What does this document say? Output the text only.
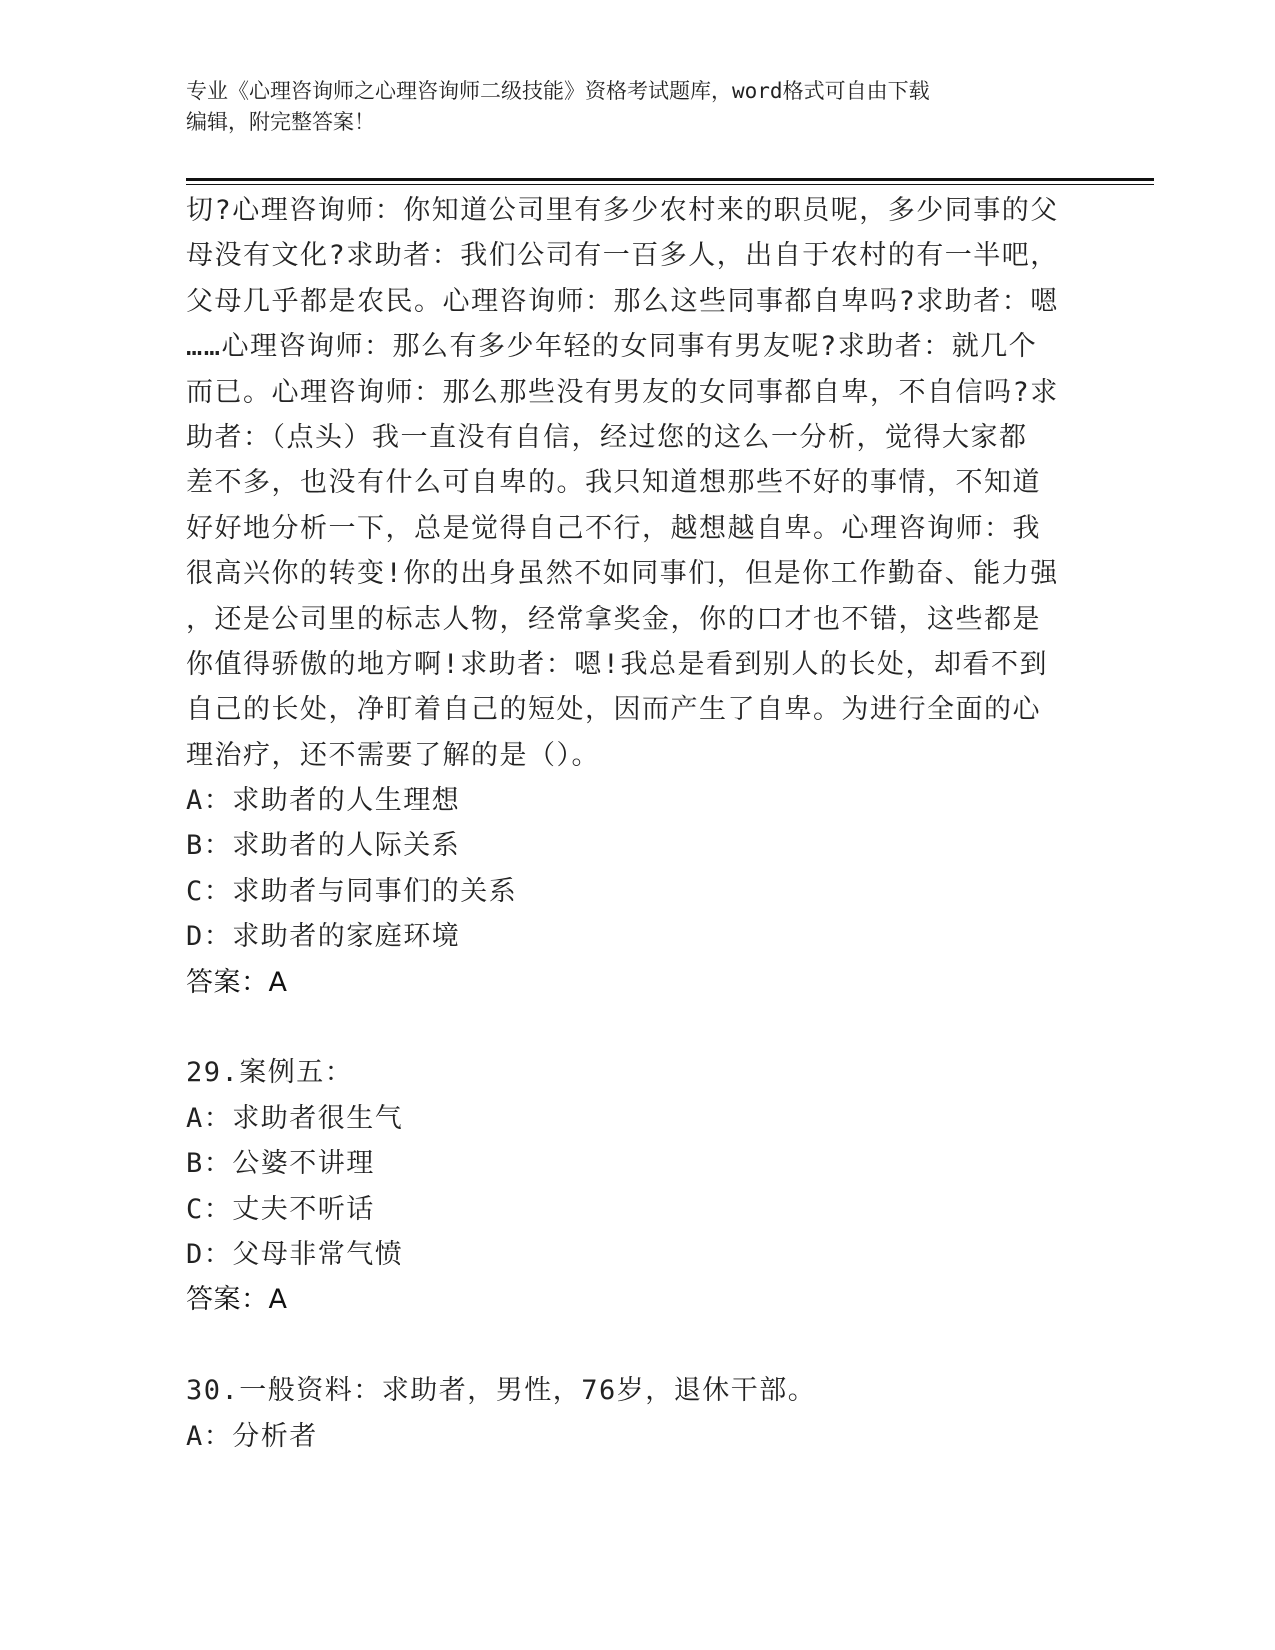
专业《心理咨询师之心理咨询师二级技能》资格考试题库，word格式可自由下载
编辑，附完整答案！
切?心理咨询师：你知道公司里有多少农村来的职员呢，多少同事的父
母没有文化?求助者：我们公司有一百多人，出自于农村的有一半吧，
父母几乎都是农民。心理咨询师：那么这些同事都自卑吗?求助者：嗯
……心理咨询师：那么有多少年轻的女同事有男友呢?求助者：就几个
而已。心理咨询师：那么那些没有男友的女同事都自卑，不自信吗?求
助者：（点头）我一直没有自信，经过您的这么一分析，觉得大家都
差不多，也没有什么可自卑的。我只知道想那些不好的事情，不知道
好好地分析一下，总是觉得自己不行，越想越自卑。心理咨询师：我
很高兴你的转变!你的出身虽然不如同事们，但是你工作勤奋、能力强
，还是公司里的标志人物，经常拿奖金，你的口才也不错，这些都是
你值得骄傲的地方啊!求助者：嗯!我总是看到别人的长处，却看不到
自己的长处，净盯着自己的短处，因而产生了自卑。为进行全面的心
理治疗，还不需要了解的是（）。
A：求助者的人生理想
B：求助者的人际关系
C：求助者与同事们的关系
D：求助者的家庭环境
答案：A
29.案例五：
A：求助者很生气
B：公婆不讲理
C：丈夫不听话
D：父母非常气愤
答案：A
30.一般资料：求助者，男性，76岁，退休干部。
A：分析者
